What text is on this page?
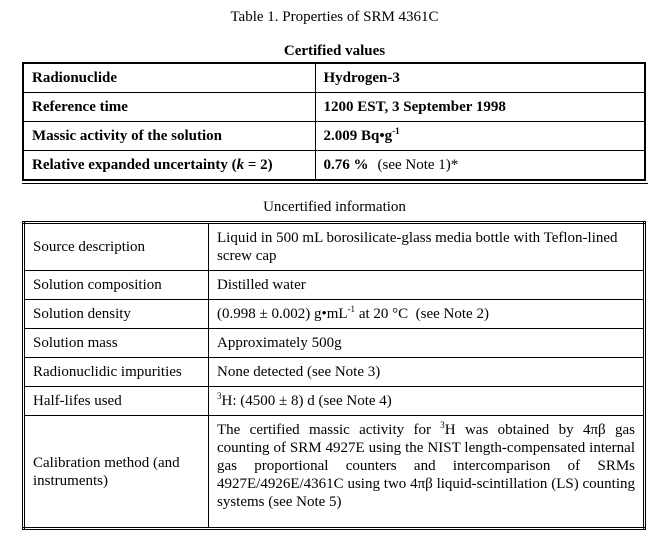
Table 1. Properties of SRM 4361C
Certified values
Radionuclide	Hydrogen-3
Reference time	1200 EST, 3 September 1998
Massic activity of the solution	2.009 $Bq•g^{-1}$
Relative expanded uncertainty (k = 2)	0.76 % (see Note 1)*
Uncertified information
Source description	Liquid in 500 mL borosilicate-glass media bottle with Teflon-lined screw cap
Solution composition	Distilled water
Solution density	(0.998 ± 0.002) $g•mL^{-1}$ at 20 °C  (see Note 2)
Solution mass	Approximately 500g
Radionuclidic impurities	None detected (see Note 3)
Half-lifes used	$^3$H: (4500 ± 8) d (see Note 4)
Calibration method (and instruments)	The certified massic activity for $^3$H was obtained by 4πβ gas counting of SRM 4927E using the NIST length-compensated internal gas proportional counters and intercomparison of SRMs 4927E/4926E/4361C using two 4πβ liquid-scintillation (LS) counting systems (see Note 5)
